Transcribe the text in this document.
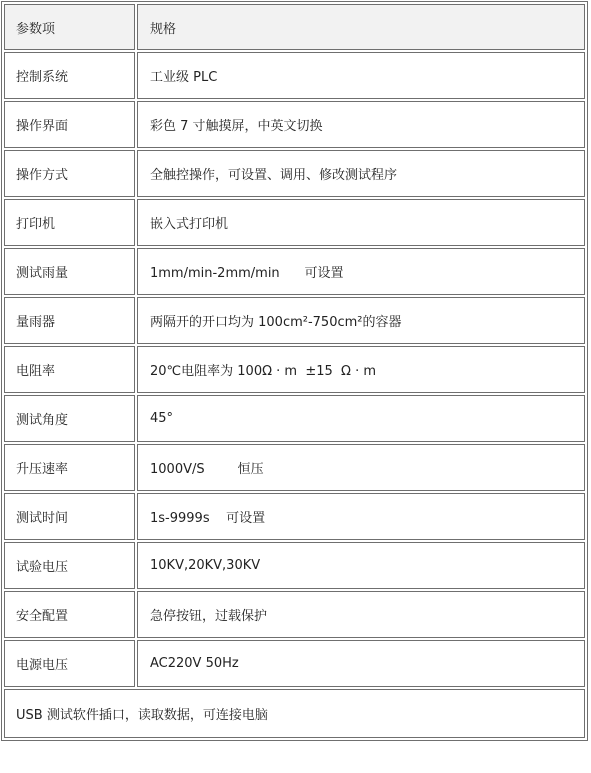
参数项	规格
控制系统	工业级 PLC
操作界面	彩色 7 寸触摸屏，中英文切换
操作方式	全触控操作，可设置、调用、修改测试程序
打印机	嵌入式打印机
测试雨量	1mm/min-2mm/min      可设置
量雨器	两隔开的开口均为 100cm²-750cm²的容器
电阻率	20℃电阻率为 100Ω · m  ±15  Ω · m
测试角度	45°
升压速率	1000V/S        恒压
测试时间	1s-9999s    可设置
试验电压	10KV,20KV,30KV
安全配置	急停按钮，过载保护
电源电压	AC220V 50Hz
USB 测试软件插口，读取数据，可连接电脑	
